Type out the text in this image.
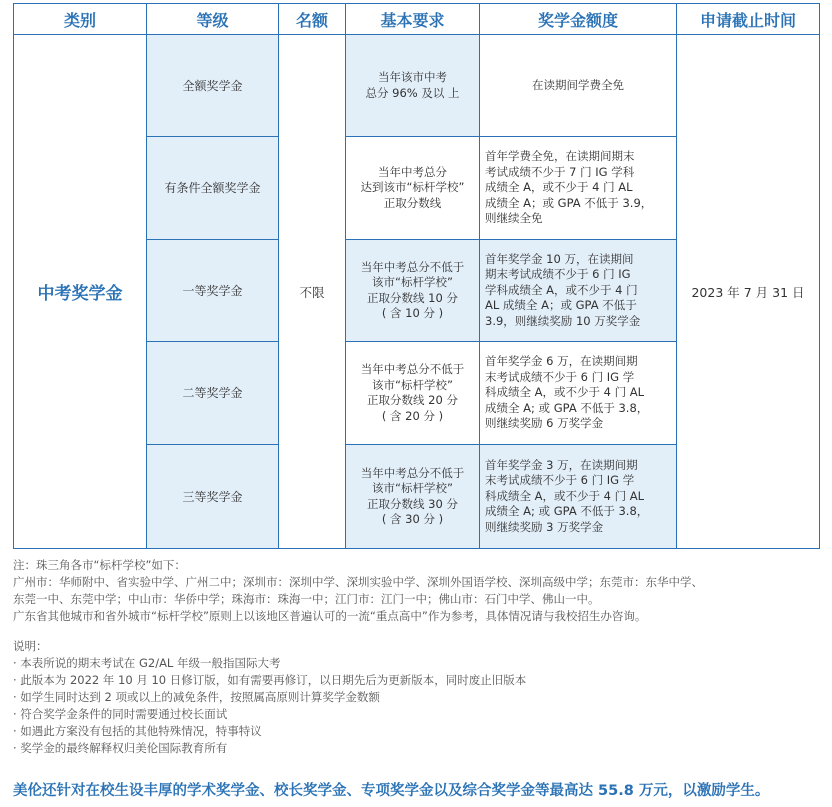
类别	等级	名额	基本要求	奖学金额度	申请截止时间
中考奖学金	全额奖学金	不限	当年该市中考
总分 96% 及以 上	在读期间学费全免	2023 年 7 月 31 日
	有条件全额奖学金		当年中考总分
达到该市“标杆学校”
正取分数线	首年学费全免，在读期间期末
考试成绩不少于 7 门 IG 学科
成绩全 A，或不少于 4 门 AL
成绩全 A；或 GPA 不低于 3.9，
则继续全免	
	一等奖学金		当年中考总分不低于
该市“标杆学校”
正取分数线 10 分
( 含 10 分 )	首年奖学金 10 万，在读期间
期末考试成绩不少于 6 门 IG
学科成绩全 A，或不少于 4 门
AL 成绩全 A；或 GPA 不低于
3.9，则继续奖励 10 万奖学金	
	二等奖学金		当年中考总分不低于
该市“标杆学校”
正取分数线 20 分
( 含 20 分 )	首年奖学金 6 万，在读期间期
末考试成绩不少于 6 门 IG 学
科成绩全 A，或不少于 4 门 AL
成绩全 A; 或 GPA 不低于 3.8，
则继续奖励 6 万奖学金	
	三等奖学金		当年中考总分不低于
该市“标杆学校”
正取分数线 30 分
( 含 30 分 )	首年奖学金 3 万，在读期间期
末考试成绩不少于 6 门 IG 学
科成绩全 A，或不少于 4 门 AL
成绩全 A; 或 GPA 不低于 3.8，
则继续奖励 3 万奖学金	

注：珠三角各市“标杆学校”如下：

广州市：华师附中、省实验中学、广州二中；深圳市：深圳中学、深圳实验中学、深圳外国语学校、深圳高级中学；东莞市：东华中学、

东莞一中、东莞中学；中山市：华侨中学；珠海市：珠海一中；江门市：江门一中；佛山市：石门中学、佛山一中。

广东省其他城市和省外城市“标杆学校”原则上以该地区普遍认可的一流“重点高中”作为参考，具体情况请与我校招生办咨询。

说明：

· 本表所说的期末考试在 G2/AL 年级一般指国际大考

· 此版本为 2022 年 10 月 10 日修订版，如有需要再修订，以日期先后为更新版本，同时废止旧版本

· 如学生同时达到 2 项或以上的减免条件，按照属高原则计算奖学金数额

· 符合奖学金条件的同时需要通过校长面试

· 如遇此方案没有包括的其他特殊情况，特事特议

· 奖学金的最终解释权归美伦国际教育所有

美伦还针对在校生设丰厚的学术奖学金、校长奖学金、专项奖学金以及综合奖学金等最高达 55.8 万元，以激励学生。
